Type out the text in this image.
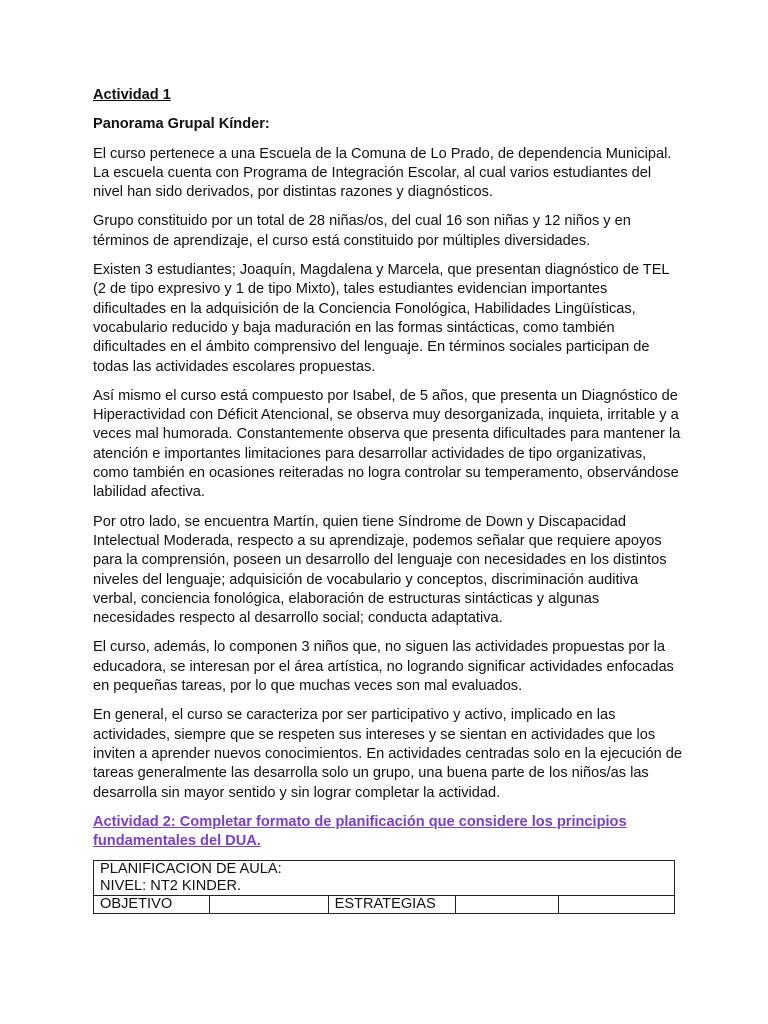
Actividad 1

Panorama Grupal Kínder:

El curso pertenece a una Escuela de la Comuna de Lo Prado, de dependencia Municipal. La escuela cuenta con Programa de Integración Escolar, al cual varios estudiantes del nivel han sido derivados, por distintas razones y diagnósticos.

Grupo constituido por un total de 28 niñas/os, del cual 16 son niñas y 12 niños y en términos de aprendizaje, el curso está constituido por múltiples diversidades.

Existen 3 estudiantes; Joaquín, Magdalena y Marcela, que presentan diagnóstico de TEL (2 de tipo expresivo y 1 de tipo Mixto), tales estudiantes evidencian importantes dificultades en la adquisición de la Conciencia Fonológica, Habilidades Lingüísticas, vocabulario reducido y baja maduración en las formas sintácticas, como también dificultades en el ámbito comprensivo del lenguaje. En términos sociales participan de todas las actividades escolares propuestas.

Así mismo el curso está compuesto por Isabel, de 5 años, que presenta un Diagnóstico de Hiperactividad con Déficit Atencional, se observa muy desorganizada, inquieta, irritable y a veces mal humorada. Constantemente observa que presenta dificultades para mantener la atención e importantes limitaciones para desarrollar actividades de tipo organizativas, como también en ocasiones reiteradas no logra controlar su temperamento, observándose labilidad afectiva.

Por otro lado, se encuentra Martín, quien tiene Síndrome de Down y Discapacidad Intelectual Moderada, respecto a su aprendizaje, podemos señalar que requiere apoyos para la comprensión, poseen un desarrollo del lenguaje con necesidades en los distintos niveles del lenguaje; adquisición de vocabulario y conceptos, discriminación auditiva verbal, conciencia fonológica, elaboración de estructuras sintácticas y algunas necesidades respecto al desarrollo social; conducta adaptativa.

El curso, además, lo componen 3 niños que, no siguen las actividades propuestas por la educadora, se interesan por el área artística, no logrando significar actividades enfocadas en pequeñas tareas, por lo que muchas veces son mal evaluados.

En general, el curso se caracteriza por ser participativo y activo, implicado en las actividades, siempre que se respeten sus intereses y se sientan en actividades que los inviten a aprender nuevos conocimientos. En actividades centradas solo en la ejecución de tareas generalmente las desarrolla solo un grupo, una buena parte de los niños/as las desarrolla sin mayor sentido y sin lograr completar la actividad.

Actividad 2: Completar formato de planificación que considere los principios fundamentales del DUA.

PLANIFICACION DE AULA:
NIVEL: NT2 KINDER.

OBJETIVO		ESTRATEGIAS		
